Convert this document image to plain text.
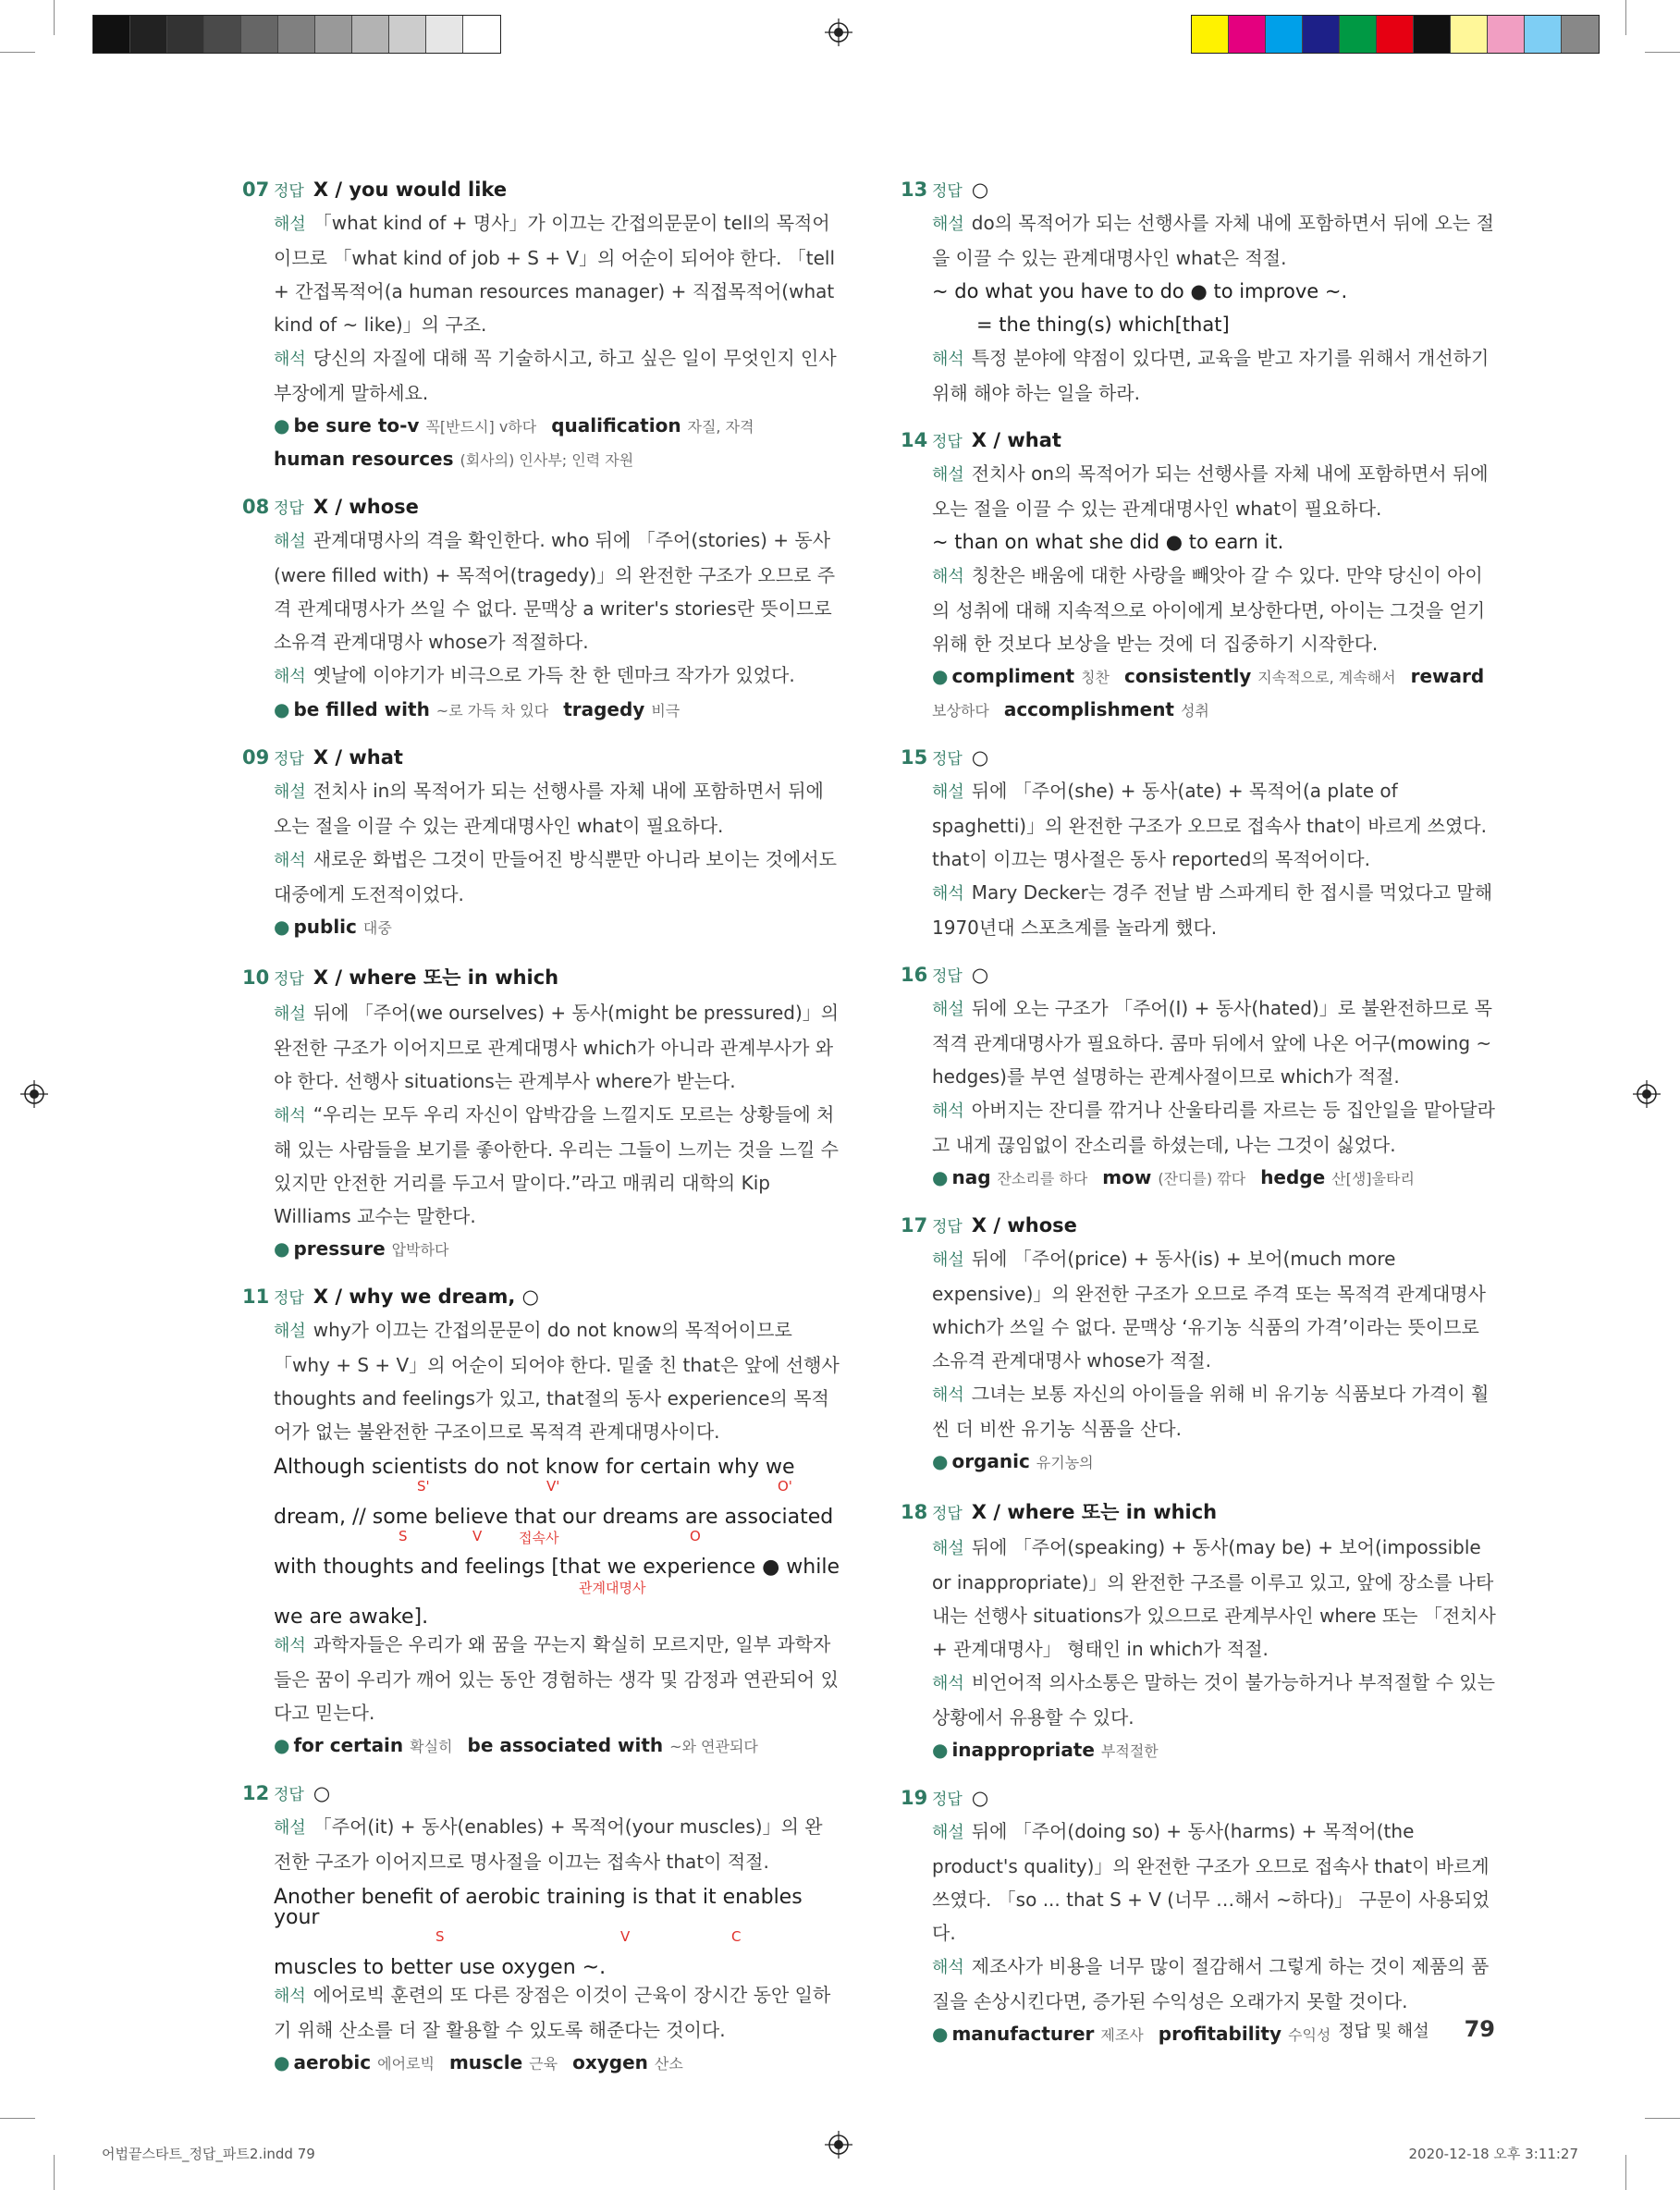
07 정답 X / you would like
해설 「what kind of + 명사」가 이끄는 간접의문문이 tell의 목적어이므로 「what kind of job + S + V」의 어순이 되어야 한다. 「tell + 간접목적어(a human resources manager) + 직접목적어(what kind of ~ like)」의 구조.
해석 당신의 자질에 대해 꼭 기술하시고, 하고 싶은 일이 무엇인지 인사부장에게 말하세요.
● be sure to-v 꼭[반드시] v하다 qualification 자질, 자격human resources (회사의) 인사부; 인력 자원
08 정답 X / whose
해설 관계대명사의 격을 확인한다. who 뒤에 「주어(stories) + 동사(were filled with) + 목적어(tragedy)」의 완전한 구조가 오므로 주격 관계대명사가 쓰일 수 없다. 문맥상 a writer's stories란 뜻이므로 소유격 관계대명사 whose가 적절하다.
해석 옛날에 이야기가 비극으로 가득 찬 한 덴마크 작가가 있었다.
● be filled with ~로 가득 차 있다 tragedy 비극
09 정답 X / what
해설 전치사 in의 목적어가 되는 선행사를 자체 내에 포함하면서 뒤에 오는 절을 이끌 수 있는 관계대명사인 what이 필요하다.
해석 새로운 화법은 그것이 만들어진 방식뿐만 아니라 보이는 것에서도 대중에게 도전적이었다.
● public 대중
10 정답 X / where 또는 in which
해설 뒤에 「주어(we ourselves) + 동사(might be pressured)」의 완전한 구조가 이어지므로 관계대명사 which가 아니라 관계부사가 와야 한다. 선행사 situations는 관계부사 where가 받는다.
해석 “우리는 모두 우리 자신이 압박감을 느낄지도 모르는 상황들에 처해 있는 사람들을 보기를 좋아한다. 우리는 그들이 느끼는 것을 느낄 수 있지만 안전한 거리를 두고서 말이다.”라고 매쿼리 대학의 Kip Williams 교수는 말한다.
● pressure 압박하다
11 정답 X / why we dream, ○
해설 why가 이끄는 간접의문문이 do not know의 목적어이므로 「why + S + V」의 어순이 되어야 한다. 밑줄 친 that은 앞에 선행사 thoughts and feelings가 있고, that절의 동사 experience의 목적어가 없는 불완전한 구조이므로 목적격 관계대명사이다.
Although scientists do not know for certain why we
S'	V'	O'
dream, // some believe that our dreams are associated
S	V	접속사	O
with thoughts and feelings [that we experience ● while
관계대명사
we are awake].
해석 과학자들은 우리가 왜 꿈을 꾸는지 확실히 모르지만, 일부 과학자들은 꿈이 우리가 깨어 있는 동안 경험하는 생각 및 감정과 연관되어 있다고 믿는다.
● for certain 확실히 be associated with ~와 연관되다
12 정답 ○
해설 「주어(it) + 동사(enables) + 목적어(your muscles)」의 완전한 구조가 이어지므로 명사절을 이끄는 접속사 that이 적절.
Another benefit of aerobic training is that it enables your
S	V	C
muscles to better use oxygen ~.
해석 에어로빅 훈련의 또 다른 장점은 이것이 근육이 장시간 동안 일하기 위해 산소를 더 잘 활용할 수 있도록 해준다는 것이다.
● aerobic 에어로빅 muscle 근육 oxygen 산소
13 정답 ○
해설 do의 목적어가 되는 선행사를 자체 내에 포함하면서 뒤에 오는 절을 이끌 수 있는 관계대명사인 what은 적절.
~ do what you have to do ● to improve ~.
= the thing(s) which[that]
해석 특정 분야에 약점이 있다면, 교육을 받고 자기를 위해서 개선하기 위해 해야 하는 일을 하라.
14 정답 X / what
해설 전치사 on의 목적어가 되는 선행사를 자체 내에 포함하면서 뒤에 오는 절을 이끌 수 있는 관계대명사인 what이 필요하다.
~ than on what she did ● to earn it.
해석 칭찬은 배움에 대한 사랑을 빼앗아 갈 수 있다. 만약 당신이 아이의 성취에 대해 지속적으로 아이에게 보상한다면, 아이는 그것을 얻기 위해 한 것보다 보상을 받는 것에 더 집중하기 시작한다.
● compliment 칭찬 consistently 지속적으로, 계속해서 reward 보상하다 accomplishment 성취
15 정답 ○
해설 뒤에 「주어(she) + 동사(ate) + 목적어(a plate of spaghetti)」의 완전한 구조가 오므로 접속사 that이 바르게 쓰였다. that이 이끄는 명사절은 동사 reported의 목적어이다.
해석 Mary Decker는 경주 전날 밤 스파게티 한 접시를 먹었다고 말해 1970년대 스포츠계를 놀라게 했다.
16 정답 ○
해설 뒤에 오는 구조가 「주어(I) + 동사(hated)」로 불완전하므로 목적격 관계대명사가 필요하다. 콤마 뒤에서 앞에 나온 어구(mowing ~ hedges)를 부연 설명하는 관계사절이므로 which가 적절.
해석 아버지는 잔디를 깎거나 산울타리를 자르는 등 집안일을 맡아달라고 내게 끊임없이 잔소리를 하셨는데, 나는 그것이 싫었다.
● nag 잔소리를 하다 mow (잔디를) 깎다 hedge 산[생]울타리
17 정답 X / whose
해설 뒤에 「주어(price) + 동사(is) + 보어(much more expensive)」의 완전한 구조가 오므로 주격 또는 목적격 관계대명사 which가 쓰일 수 없다. 문맥상 ‘유기농 식품의 가격’이라는 뜻이므로 소유격 관계대명사 whose가 적절.
해석 그녀는 보통 자신의 아이들을 위해 비 유기농 식품보다 가격이 훨씬 더 비싼 유기농 식품을 산다.
● organic 유기농의
18 정답 X / where 또는 in which
해설 뒤에 「주어(speaking) + 동사(may be) + 보어(impossible or inappropriate)」의 완전한 구조를 이루고 있고, 앞에 장소를 나타내는 선행사 situations가 있으므로 관계부사인 where 또는 「전치사 + 관계대명사」 형태인 in which가 적절.
해석 비언어적 의사소통은 말하는 것이 불가능하거나 부적절할 수 있는 상황에서 유용할 수 있다.
● inappropriate 부적절한
19 정답 ○
해설 뒤에 「주어(doing so) + 동사(harms) + 목적어(the product's quality)」의 완전한 구조가 오므로 접속사 that이 바르게 쓰였다. 「so ... that S + V (너무 …해서 ~하다)」 구문이 사용되었다.
해석 제조사가 비용을 너무 많이 절감해서 그렇게 하는 것이 제품의 품질을 손상시킨다면, 증가된 수익성은 오래가지 못할 것이다.
● manufacturer 제조사 profitability 수익성 정답 및 해설 79
어법끝스타트_정답_파트2.indd 79	2020-12-18 오후 3:11:27
